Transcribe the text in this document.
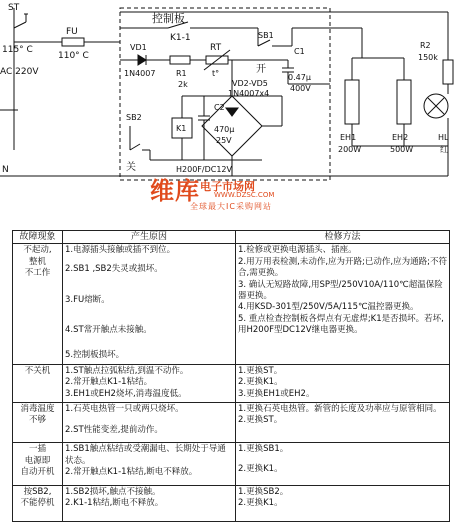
ST
115° C
FU
110° C
AC 220V
控制板
K1-1	SB1
VD1
1N4007
RT
R1
2k
t°	开
C1
0.47μ
400V
VD2-VD5
1N4007x4
SB2
关
K1
C2
470μ
25V
H200F/DC12V
R2
150k
EH1
200W
EH2
500W
HL
红
N
维库 电子市场网
WWW.DZSC.COM
全球最大IC采购网站
故障现象	产生原因	检修方法

不起动,
整机
不工作	1.电源插头接触或插不到位。
2.SB1 ,SB2失灵或损坏。
3.FU熔断。
4.ST常开触点未接触。
5.控制板损坏。	1.检修或更换电源插头、插座。
2.用万用表检测,未动作,应为开路;已动作,应为通路;不符合,需更换。
3. 确认无短路故障,用SP型/250V10A/110℃超温保险器更换。
4.用KSD-301型/250V/5A/115℃温控器更换。
5. 重点检查控制板各焊点有无虚焊;K1是否损坏。若坏,用H200F型DC12V继电器更换。

不关机	1.ST触点拉弧粘结,到温不动作。
2.常开触点K1-1粘结。
3.EH1或EH2烧坏,消毒温度低。	1.更换ST。
2.更换K1。
3.更换EH1或EH2。

消毒温度
不够	1.石英电热管一只或两只烧坏。
2.ST性能变差,提前动作。	1.更换石英电热管。新管的长度及功率应与原管相同。
2.更换ST。

一插
电源即
自动开机	1.SB1触点粘结或受潮漏电、长期处于导通状态。
2.常开触点K1-1粘结,断电不释放。	1.更换SB1。
2.更换K1。

按SB2,
不能停机	1.SB2损坏,触点不接触。
2.K1-1粘结,断电不释放。	1.更换SB2。
2.更换K1。
